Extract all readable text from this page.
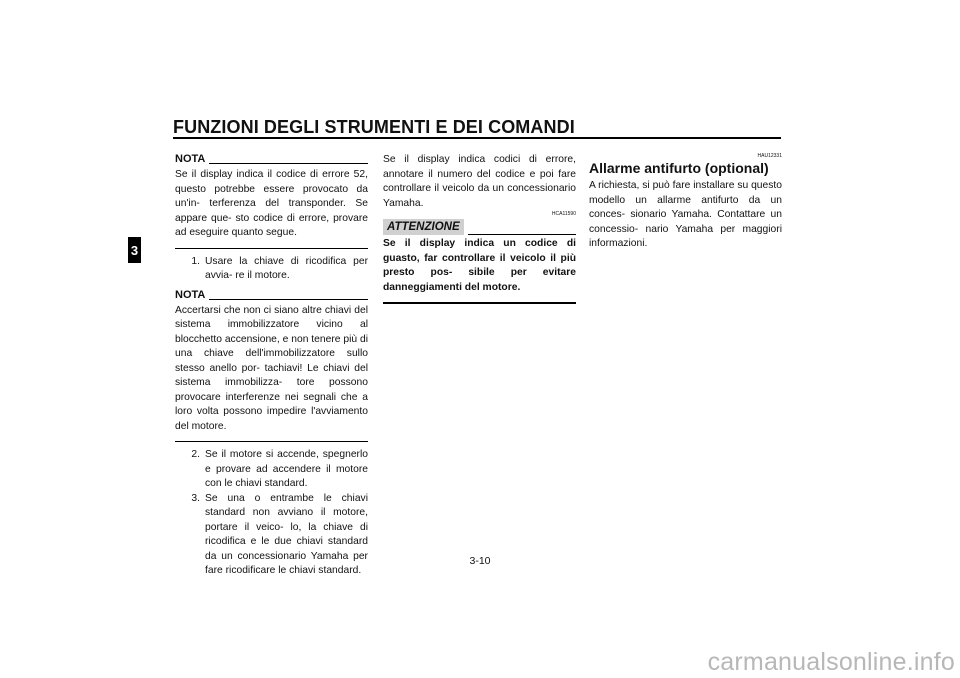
FUNZIONI DEGLI STRUMENTI E DEI COMANDI
3
NOTA

Se il display indica il codice di errore 52, questo potrebbe essere provocato da un'in- terferenza del transponder. Se appare que- sto codice di errore, provare ad eseguire quanto segue.

1. Usare la chiave di ricodifica per avvia- re il motore.
NOTA

Accertarsi che non ci siano altre chiavi del sistema immobilizzatore vicino al blocchetto accensione, e non tenere più di una chiave dell'immobilizzatore sullo stesso anello por- tachiavi! Le chiavi del sistema immobilizza- tore possono provocare interferenze nei segnali che a loro volta possono impedire l'avviamento del motore.

2. Se il motore si accende, spegnerlo e provare ad accendere il motore con le chiavi standard.
3. Se una o entrambe le chiavi standard non avviano il motore, portare il veico- lo, la chiave di ricodifica e le due chiavi standard da un concessionario Yamaha per fare ricodificare le chiavi standard.

Se il display indica codici di errore, annotare il numero del codice e poi fare controllare il veicolo da un concessionario Yamaha.

HCA11590
ATTENZIONE

Se il display indica un codice di guasto, far controllare il veicolo il più presto pos- sibile per evitare danneggiamenti del motore.

HAU12331
Allarme antifurto (optional)

A richiesta, si può fare installare su questo modello un allarme antifurto da un conces- sionario Yamaha. Contattare un concessio- nario Yamaha per maggiori informazioni.

3-10
carmanualsonline.info
